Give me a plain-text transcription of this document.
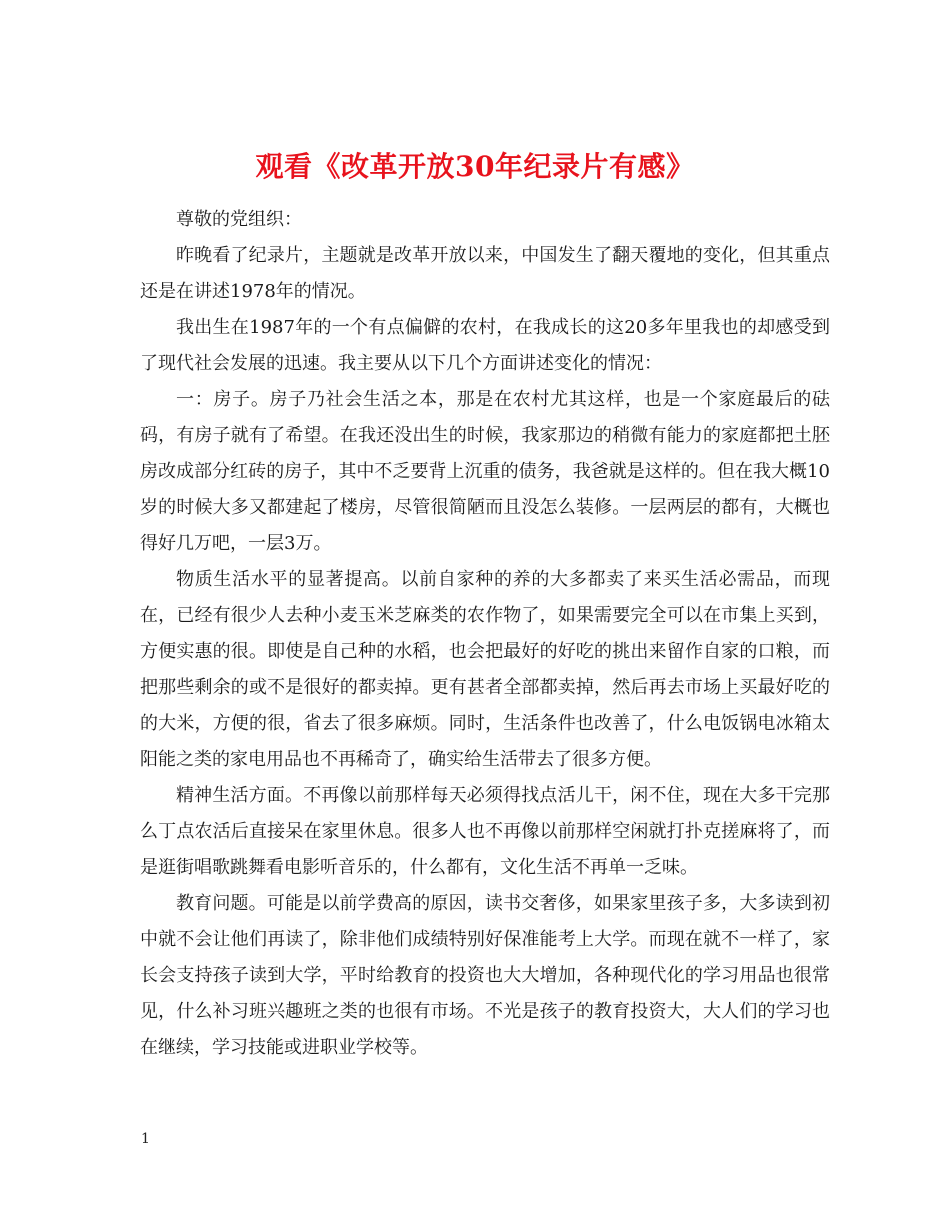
观看《改革开放30年纪录片有感》

尊敬的党组织：

昨晚看了纪录片，主题就是改革开放以来，中国发生了翻天覆地的变化，但其重点还是在讲述1978年的情况。

我出生在1987年的一个有点偏僻的农村，在我成长的这20多年里我也的却感受到了现代社会发展的迅速。我主要从以下几个方面讲述变化的情况：

一：房子。房子乃社会生活之本，那是在农村尤其这样，也是一个家庭最后的砝码，有房子就有了希望。在我还没出生的时候，我家那边的稍微有能力的家庭都把土胚房改成部分红砖的房子，其中不乏要背上沉重的债务，我爸就是这样的。但在我大概10岁的时候大多又都建起了楼房，尽管很简陋而且没怎么装修。一层两层的都有，大概也得好几万吧，一层3万。

物质生活水平的显著提高。以前自家种的养的大多都卖了来买生活必需品，而现在，已经有很少人去种小麦玉米芝麻类的农作物了，如果需要完全可以在市集上买到，方便实惠的很。即使是自己种的水稻，也会把最好的好吃的挑出来留作自家的口粮，而把那些剩余的或不是很好的都卖掉。更有甚者全部都卖掉，然后再去市场上买最好吃的的大米，方便的很，省去了很多麻烦。同时，生活条件也改善了，什么电饭锅电冰箱太阳能之类的家电用品也不再稀奇了，确实给生活带去了很多方便。

精神生活方面。不再像以前那样每天必须得找点活儿干，闲不住，现在大多干完那么丁点农活后直接呆在家里休息。很多人也不再像以前那样空闲就打扑克搓麻将了，而是逛街唱歌跳舞看电影听音乐的，什么都有，文化生活不再单一乏味。

教育问题。可能是以前学费高的原因，读书交奢侈，如果家里孩子多，大多读到初中就不会让他们再读了，除非他们成绩特别好保准能考上大学。而现在就不一样了，家长会支持孩子读到大学，平时给教育的投资也大大增加，各种现代化的学习用品也很常见，什么补习班兴趣班之类的也很有市场。不光是孩子的教育投资大，大人们的学习也在继续，学习技能或进职业学校等。

1
